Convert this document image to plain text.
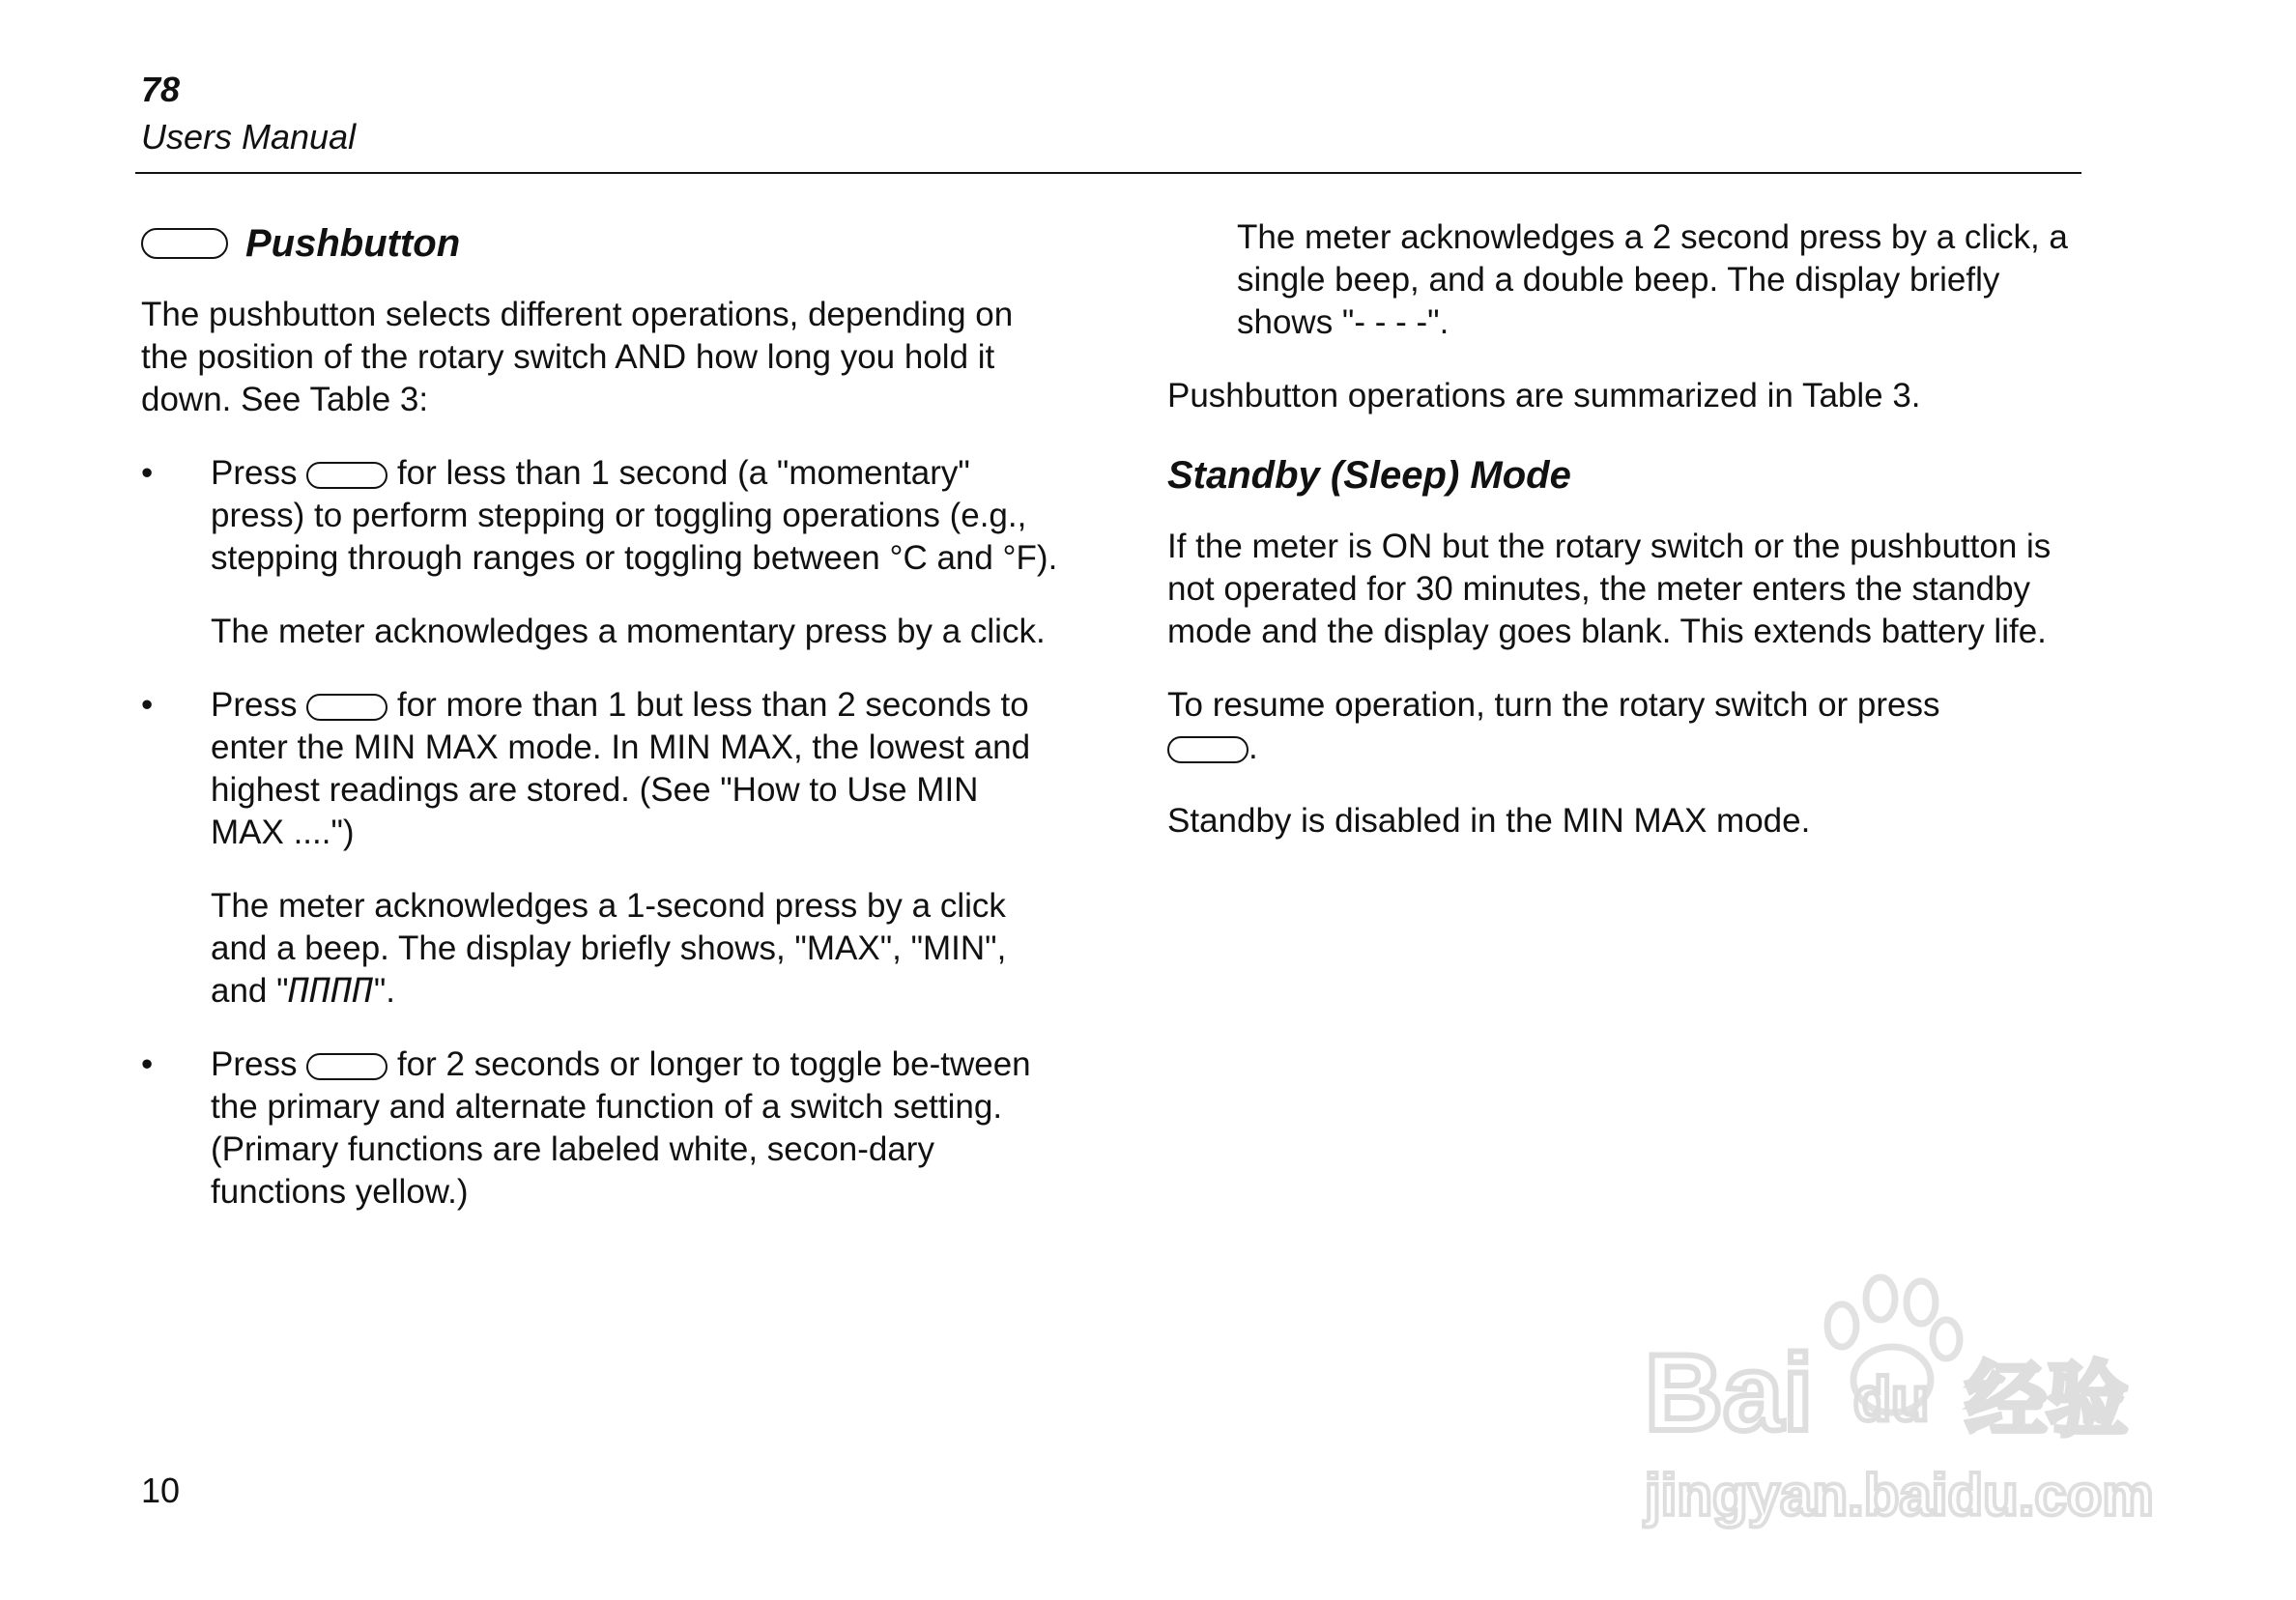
78
Users Manual
Pushbutton

The pushbutton selects different operations, depending on the position of the rotary switch AND how long you hold it down. See Table 3:

• Press	for less than 1 second (a "momentary" press) to perform stepping or toggling operations (e.g., stepping through ranges or toggling between °C and °F).

The meter acknowledges a momentary press by a click.

• Press	for more than 1 but less than 2 seconds to enter the MIN MAX mode. In MIN MAX, the lowest and highest readings are stored. (See "How to Use MIN MAX ....")

The meter acknowledges a 1-second press by a click and a beep. The display briefly shows, "MAX", "MIN", and "ΠΠΠΠ".

• Press	for 2 seconds or longer to toggle be-tween the primary and alternate function of a switch setting. (Primary functions are labeled white, secon-dary functions yellow.)

The meter acknowledges a 2 second press by a click, a single beep, and a double beep. The display briefly shows "- - - -".

Pushbutton operations are summarized in Table 3.

Standby (Sleep) Mode

If the meter is ON but the rotary switch or the pushbutton is not operated for 30 minutes, the meter enters the standby mode and the display goes blank. This extends battery life.

To resume operation, turn the rotary switch or press
.

Standby is disabled in the MIN MAX mode.

10
Bai du 经验
jingyan.baidu.com
